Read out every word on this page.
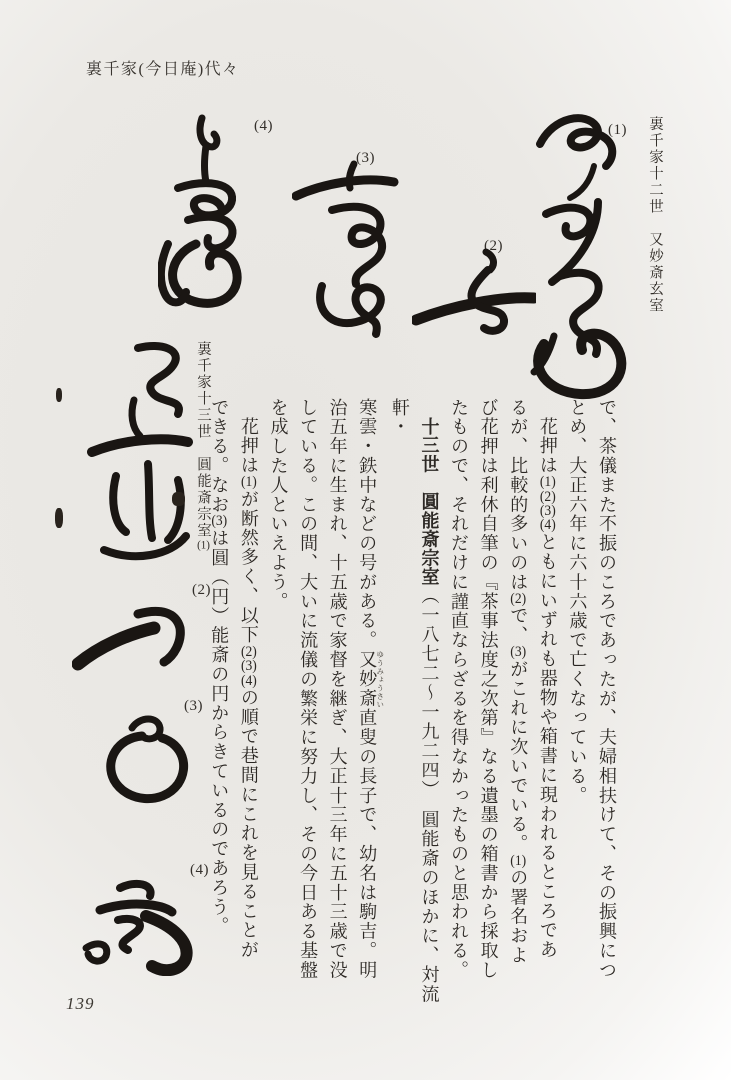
裏千家(今日庵)代々
裏千家十二世　又妙斎玄室
(1)
(2)
(3)
(4)
裏千家十三世　圓能斎宗室(1)
(2)
(3)
(4)	で、茶儀また不振のころであったが、夫婦相扶けて、その振興につ
とめ、大正六年に六十六歳で亡くなっている。
花押は(1)(2)(3)(4)ともにいずれも器物や箱書に現われるところであ
るが、比較的多いのは(2)で、(3)がこれに次いでいる。(1)の署名およ
び花押は利休自筆の『茶事法度之次第』なる遺墨の箱書から採取し
たもので、それだけに謹直ならざるを得なかったものと思われる。
十三世　圓能斎宗室（一八七二〜一九二四）　圓能斎のほかに、対流軒・
寒雲・鉄中などの号がある。又妙斎ゆうみょうさい直叟の長子で、幼名は駒吉。明
治五年に生まれ、十五歳で家督を継ぎ、大正十三年に五十三歳で没
している。この間、大いに流儀の繁栄に努力し、その今日ある基盤
を成した人といえよう。
花押は(1)が断然多く、以下(2)(3)(4)の順で巷間にこれを見ることが
できる。なお(3)は圓（円）能斎の円からきているのであろう。
139
